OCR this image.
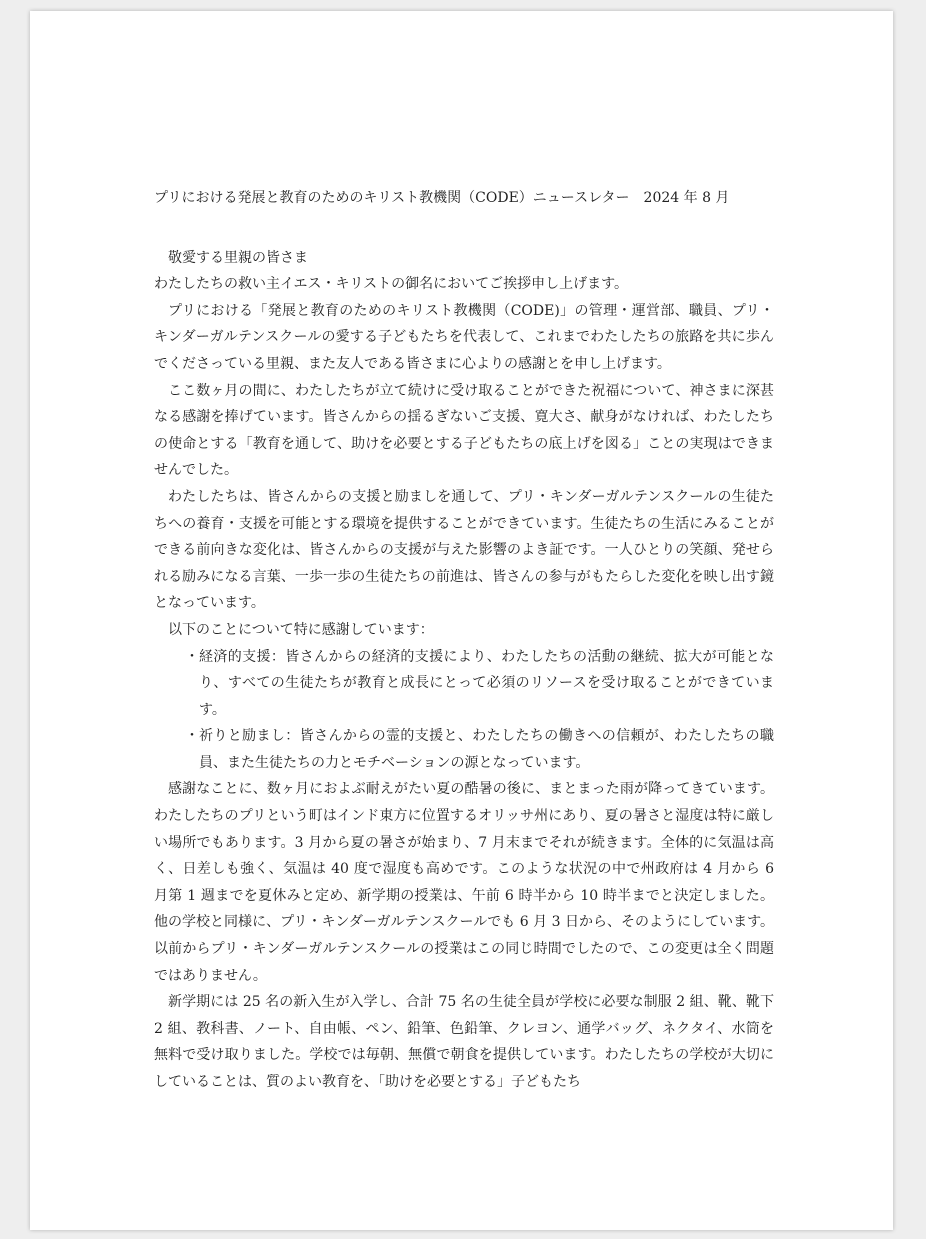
プリにおける発展と教育のためのキリスト教機関（CODE）ニュースレター 2024 年 8 月

敬愛する里親の皆さま

わたしたちの救い主イエス・キリストの御名においてご挨拶申し上げます。

プリにおける「発展と教育のためのキリスト教機関（CODE)」の管理・運営部、職員、プリ・キンダーガルテンスクールの愛する子どもたちを代表して、これまでわたしたちの旅路を共に歩んでくださっている里親、また友人である皆さまに心よりの感謝とを申し上げます。

ここ数ヶ月の間に、わたしたちが立て続けに受け取ることができた祝福について、神さまに深甚なる感謝を捧げています。皆さんからの揺るぎないご支援、寛大さ、献身がなければ、わたしたちの使命とする「教育を通して、助けを必要とする子どもたちの底上げを図る」ことの実現はできませんでした。

わたしたちは、皆さんからの支援と励ましを通して、プリ・キンダーガルテンスクールの生徒たちへの養育・支援を可能とする環境を提供することができています。生徒たちの生活にみることができる前向きな変化は、皆さんからの支援が与えた影響のよき証です。一人ひとりの笑顔、発せられる励みになる言葉、一歩一歩の生徒たちの前進は、皆さんの参与がもたらした変化を映し出す鏡となっています。

以下のことについて特に感謝しています：

・ 経済的支援：皆さんからの経済的支援により、わたしたちの活動の継続、拡大が可能となり、すべての生徒たちが教育と成長にとって必須のリソースを受け取ることができています。
・ 祈りと励まし：皆さんからの霊的支援と、わたしたちの働きへの信頼が、わたしたちの職員、また生徒たちの力とモチベーションの源となっています。

感謝なことに、数ヶ月におよぶ耐えがたい夏の酷暑の後に、まとまった雨が降ってきています。わたしたちのプリという町はインド東方に位置するオリッサ州にあり、夏の暑さと湿度は特に厳しい場所でもあります。3 月から夏の暑さが始まり、7 月末までそれが続きます。全体的に気温は高く、日差しも強く、気温は 40 度で湿度も高めです。このような状況の中で州政府は 4 月から 6 月第 1 週までを夏休みと定め、新学期の授業は、午前 6 時半から 10 時半までと決定しました。他の学校と同様に、プリ・キンダーガルテンスクールでも 6 月 3 日から、そのようにしています。以前からプリ・キンダーガルテンスクールの授業はこの同じ時間でしたので、この変更は全く問題ではありません。

新学期には 25 名の新入生が入学し、合計 75 名の生徒全員が学校に必要な制服 2 組、靴、靴下 2 組、教科書、ノート、自由帳、ペン、鉛筆、色鉛筆、クレヨン、通学バッグ、ネクタイ、水筒を無料で受け取りました。学校では毎朝、無償で朝食を提供しています。わたしたちの学校が大切にしていることは、質のよい教育を、「助けを必要とする」子どもたち
